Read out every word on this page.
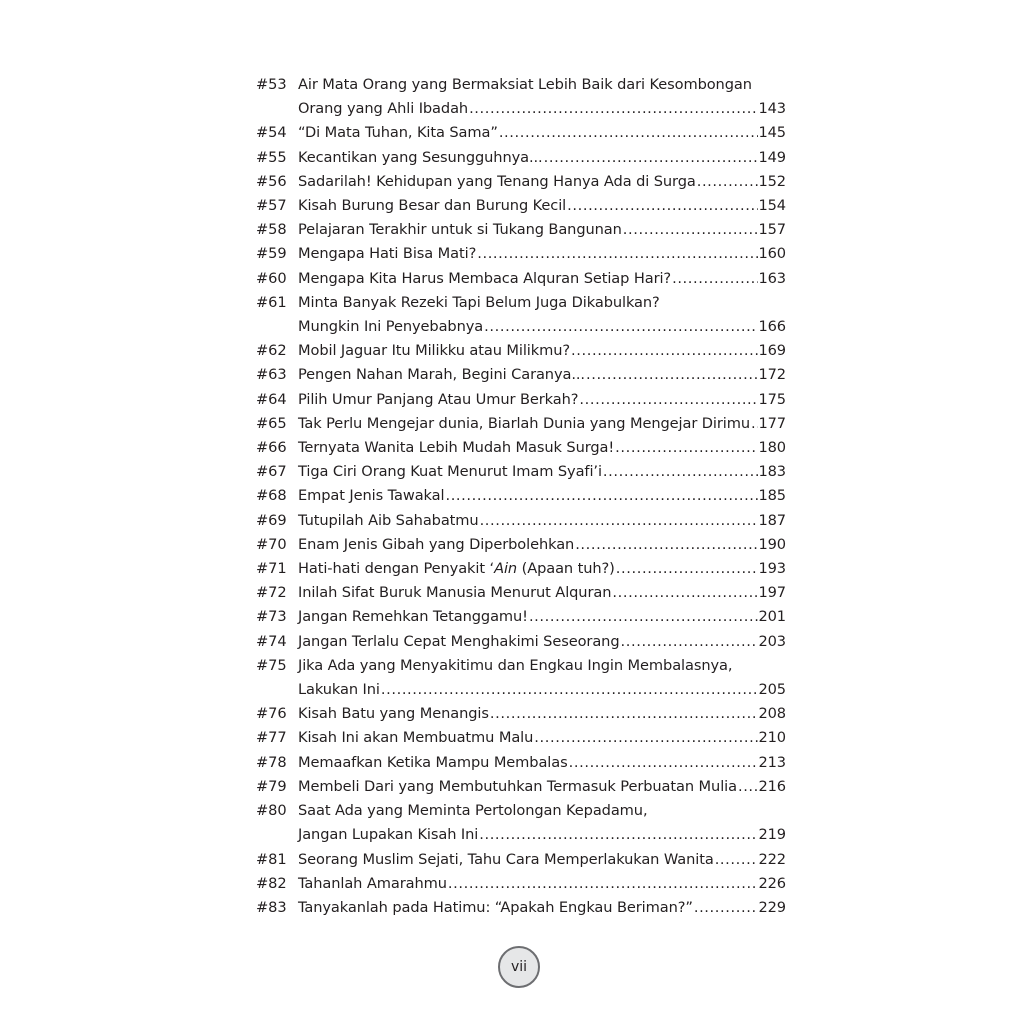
#53 Air Mata Orang yang Bermaksiat Lebih Baik dari Kesombongan
Orang yang Ahli Ibadah .....	143
#54 “Di Mata Tuhan, Kita Sama” .....	145
#55 Kecantikan yang Sesungguhnya... .....	149
#56 Sadarilah! Kehidupan yang Tenang Hanya Ada di Surga .....	152
#57 Kisah Burung Besar dan Burung Kecil .....	154
#58 Pelajaran Terakhir untuk si Tukang Bangunan .....	157
#59 Mengapa Hati Bisa Mati? .....	160
#60 Mengapa Kita Harus Membaca Alquran Setiap Hari? .....	163
#61 Minta Banyak Rezeki Tapi Belum Juga Dikabulkan?
Mungkin Ini Penyebabnya .....	166
#62 Mobil Jaguar Itu Milikku atau Milikmu? .....	169
#63 Pengen Nahan Marah, Begini Caranya... .....	172
#64 Pilih Umur Panjang Atau Umur Berkah? .....	175
#65 Tak Perlu Mengejar dunia, Biarlah Dunia yang Mengejar Dirimu ..... 177
#66 Ternyata Wanita Lebih Mudah Masuk Surga! .....	180
#67 Tiga Ciri Orang Kuat Menurut Imam Syafi’i .....	183
#68 Empat Jenis Tawakal .....	185
#69 Tutupilah Aib Sahabatmu .....	187
#70 Enam Jenis Gibah yang Diperbolehkan .....	190
#71 Hati-hati dengan Penyakit ‘Ain (Apaan tuh?) .....	193
#72 Inilah Sifat Buruk Manusia Menurut Alquran .....	197
#73 Jangan Remehkan Tetanggamu! .....	201
#74 Jangan Terlalu Cepat Menghakimi Seseorang .....	203
#75 Jika Ada yang Menyakitimu dan Engkau Ingin Membalasnya,
Lakukan Ini .....	205
#76 Kisah Batu yang Menangis .....	208
#77 Kisah Ini akan Membuatmu Malu .....	210
#78 Memaafkan Ketika Mampu Membalas .....	213
#79 Membeli Dari yang Membutuhkan Termasuk Perbuatan Mulia ..... 216
#80 Saat Ada yang Meminta Pertolongan Kepadamu,
Jangan Lupakan Kisah Ini .....	219
#81 Seorang Muslim Sejati, Tahu Cara Memperlakukan Wanita .....	222
#82 Tahanlah Amarahmu .....	226
#83 Tanyakanlah pada Hatimu: “Apakah Engkau Beriman?” .....	229
vii
